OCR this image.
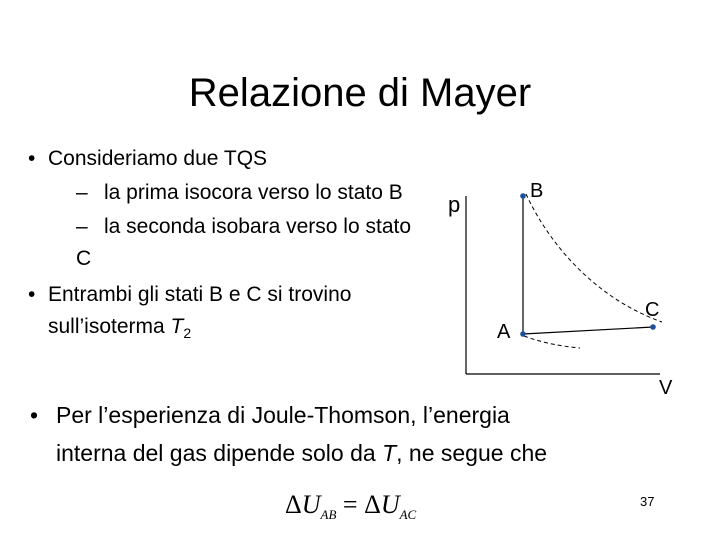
Relazione di Mayer
• Consideriamo due TQS
– la prima isocora verso lo stato B
– la seconda isobara verso lo stato
C
• Entrambi gli stati B e C si trovino
sull’isoterma $T_2$
p
B
A
C
V
• Per l’esperienza di Joule-Thomson, l’energia
interna del gas dipende solo da T, ne segue che
$\Delta U_{AB} = \Delta U_{AC}$
37
